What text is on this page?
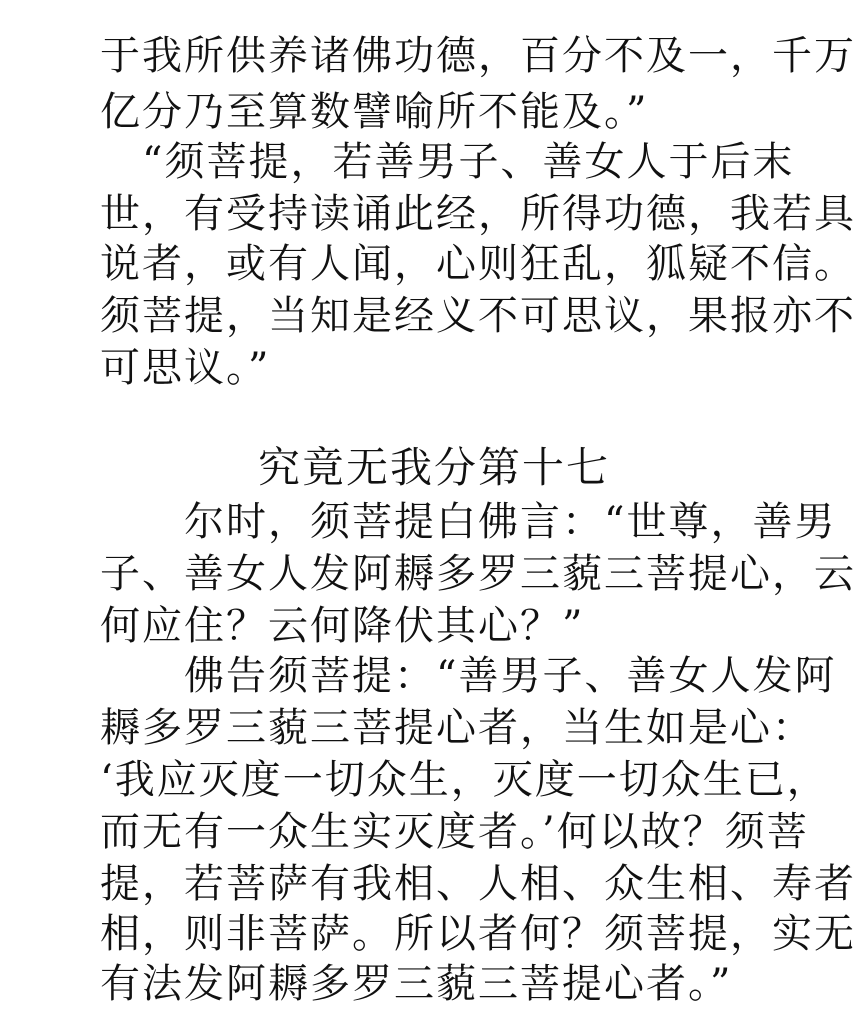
于我所供养诸佛功德，百分不及一，千万
亿分乃至算数譬喻所不能及。”
　“须菩提，若善男子、善女人于后末
世，有受持读诵此经，所得功德，我若具
说者，或有人闻，心则狂乱，狐疑不信。
须菩提，当知是经义不可思议，果报亦不
可思议。”
究竟无我分第十七
　　尔时，须菩提白佛言：“世尊，善男
子、善女人发阿耨多罗三藐三菩提心，云
何应住？云何降伏其心？”
　　佛告须菩提：“善男子、善女人发阿
耨多罗三藐三菩提心者，当生如是心：
‘我应灭度一切众生，灭度一切众生已，
而无有一众生实灭度者。’何以故？须菩
提，若菩萨有我相、人相、众生相、寿者
相，则非菩萨。所以者何？须菩提，实无
有法发阿耨多罗三藐三菩提心者。”
